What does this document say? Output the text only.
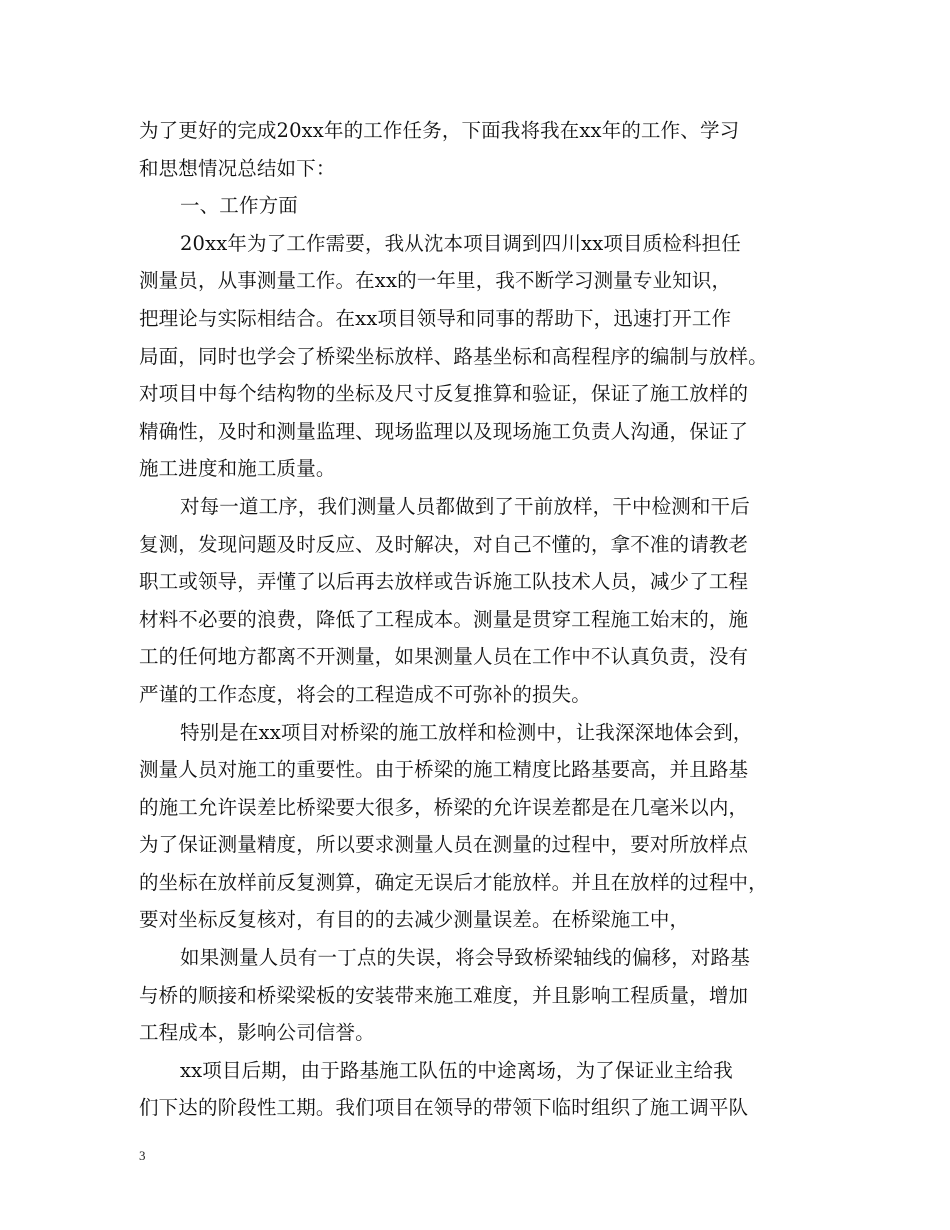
为了更好的完成20xx年的工作任务，下面我将我在xx年的工作、学习
和思想情况总结如下：
一、工作方面
20xx年为了工作需要，我从沈本项目调到四川xx项目质检科担任
测量员，从事测量工作。在xx的一年里，我不断学习测量专业知识，
把理论与实际相结合。在xx项目领导和同事的帮助下，迅速打开工作
局面，同时也学会了桥梁坐标放样、路基坐标和高程程序的编制与放样。
对项目中每个结构物的坐标及尺寸反复推算和验证，保证了施工放样的
精确性，及时和测量监理、现场监理以及现场施工负责人沟通，保证了
施工进度和施工质量。
对每一道工序，我们测量人员都做到了干前放样，干中检测和干后
复测，发现问题及时反应、及时解决，对自己不懂的，拿不准的请教老
职工或领导，弄懂了以后再去放样或告诉施工队技术人员，减少了工程
材料不必要的浪费，降低了工程成本。测量是贯穿工程施工始末的，施
工的任何地方都离不开测量，如果测量人员在工作中不认真负责，没有
严谨的工作态度，将会的工程造成不可弥补的损失。
特别是在xx项目对桥梁的施工放样和检测中，让我深深地体会到，
测量人员对施工的重要性。由于桥梁的施工精度比路基要高，并且路基
的施工允许误差比桥梁要大很多，桥梁的允许误差都是在几毫米以内，
为了保证测量精度，所以要求测量人员在测量的过程中，要对所放样点
的坐标在放样前反复测算，确定无误后才能放样。并且在放样的过程中，
要对坐标反复核对，有目的的去减少测量误差。在桥梁施工中，
如果测量人员有一丁点的失误，将会导致桥梁轴线的偏移，对路基
与桥的顺接和桥梁梁板的安装带来施工难度，并且影响工程质量，增加
工程成本，影响公司信誉。
xx项目后期，由于路基施工队伍的中途离场，为了保证业主给我
们下达的阶段性工期。我们项目在领导的带领下临时组织了施工调平队
3
